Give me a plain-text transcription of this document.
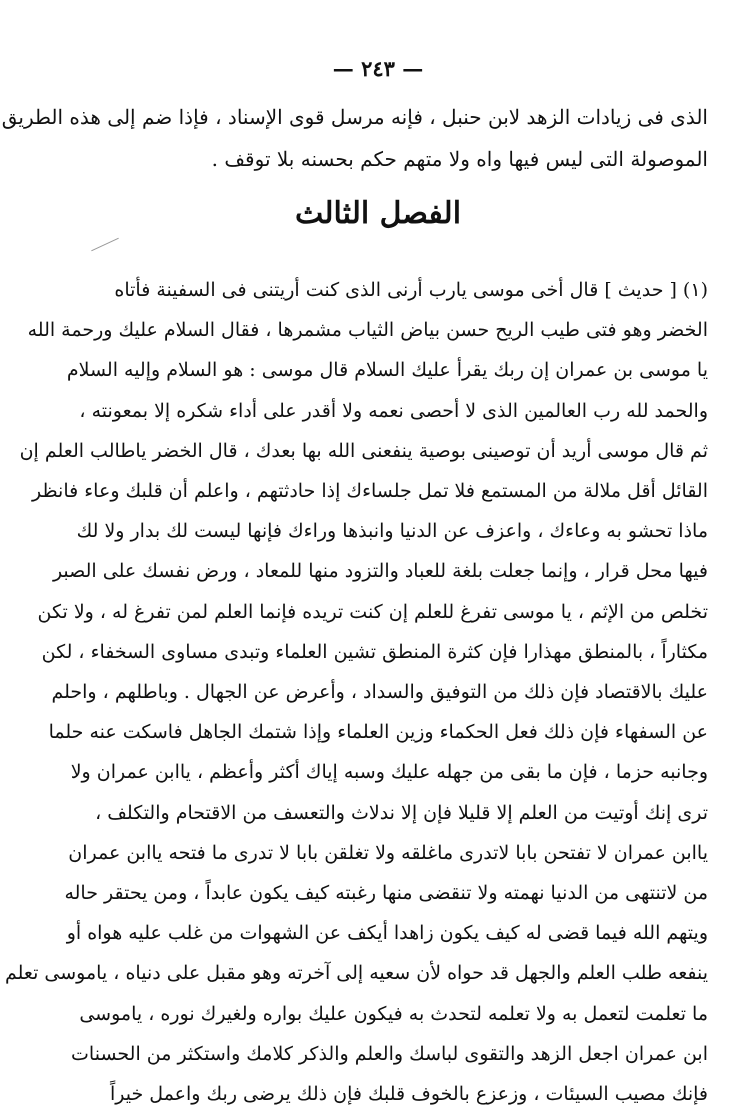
— ٢٤٣ —
الذى فى زيادات الزهد لابن حنبل ، فإنه مرسل قوى الإسناد ، فإذا ضم إلى هذه الطريق
الموصولة التى ليس فيها واه ولا متهم حكم بحسنه بلا توقف .
الفصل الثالث
(١) [ حديث ] قال أخى موسى يارب أرنى الذى كنت أريتنى فى السفينة فأتاه
الخضر وهو فتى طيب الريح حسن بياض الثياب مشمرها ، فقال السلام عليك ورحمة الله
يا موسى بن عمران إن ربك يقرأ عليك السلام قال موسى : هو السلام وإليه السلام
والحمد لله رب العالمين الذى لا أحصى نعمه ولا أقدر على أداء شكره إلا بمعونته ،
ثم قال موسى أريد أن توصينى بوصية ينفعنى الله بها بعدك ، قال الخضر ياطالب العلم إن
القائل أقل ملالة من المستمع فلا تمل جلساءك إذا حادثتهم ، واعلم أن قلبك وعاء فانظر
ماذا تحشو به وعاءك ، واعزف عن الدنيا وانبذها وراءك فإنها ليست لك بدار ولا لك
فيها محل قرار ، وإنما جعلت بلغة للعباد والتزود منها للمعاد ، ورض نفسك على الصبر
تخلص من الإثم ، يا موسى تفرغ للعلم إن كنت تريده فإنما العلم لمن تفرغ له ، ولا تكن
مكثاراً ، بالمنطق مهذارا فإن كثرة المنطق تشين العلماء وتبدى مساوى السخفاء ، لكن
عليك بالاقتصاد فإن ذلك من التوفيق والسداد ، وأعرض عن الجهال . وباطلهم ، واحلم
عن السفهاء فإن ذلك فعل الحكماء وزين العلماء وإذا شتمك الجاهل فاسكت عنه حلما
وجانبه حزما ، فإن ما بقى من جهله عليك وسبه إياك أكثر وأعظم ، ياابن عمران ولا
ترى إنك أوتيت من العلم إلا قليلا فإن إلا ندلاث والتعسف من الاقتحام والتكلف ،
ياابن عمران لا تفتحن بابا لاتدرى ماغلقه ولا تغلقن بابا لا تدرى ما فتحه ياابن عمران
من لاتنتهى من الدنيا نهمته ولا تنقضى منها رغبته كيف يكون عابداً ، ومن يحتقر حاله
ويتهم الله فيما قضى له كيف يكون زاهدا أيكف عن الشهوات من غلب عليه هواه أو
ينفعه طلب العلم والجهل قد حواه لأن سعيه إلى آخرته وهو مقبل على دنياه ، ياموسى تعلم
ما تعلمت لتعمل به ولا تعلمه لتحدث به فيكون عليك بواره ولغيرك نوره ، ياموسى
ابن عمران اجعل الزهد والتقوى لباسك والعلم والذكر كلامك واستكثر من الحسنات
فإنك مصيب السيئات ، وزعزع بالخوف قلبك فإن ذلك يرضى ربك واعمل خيراً
